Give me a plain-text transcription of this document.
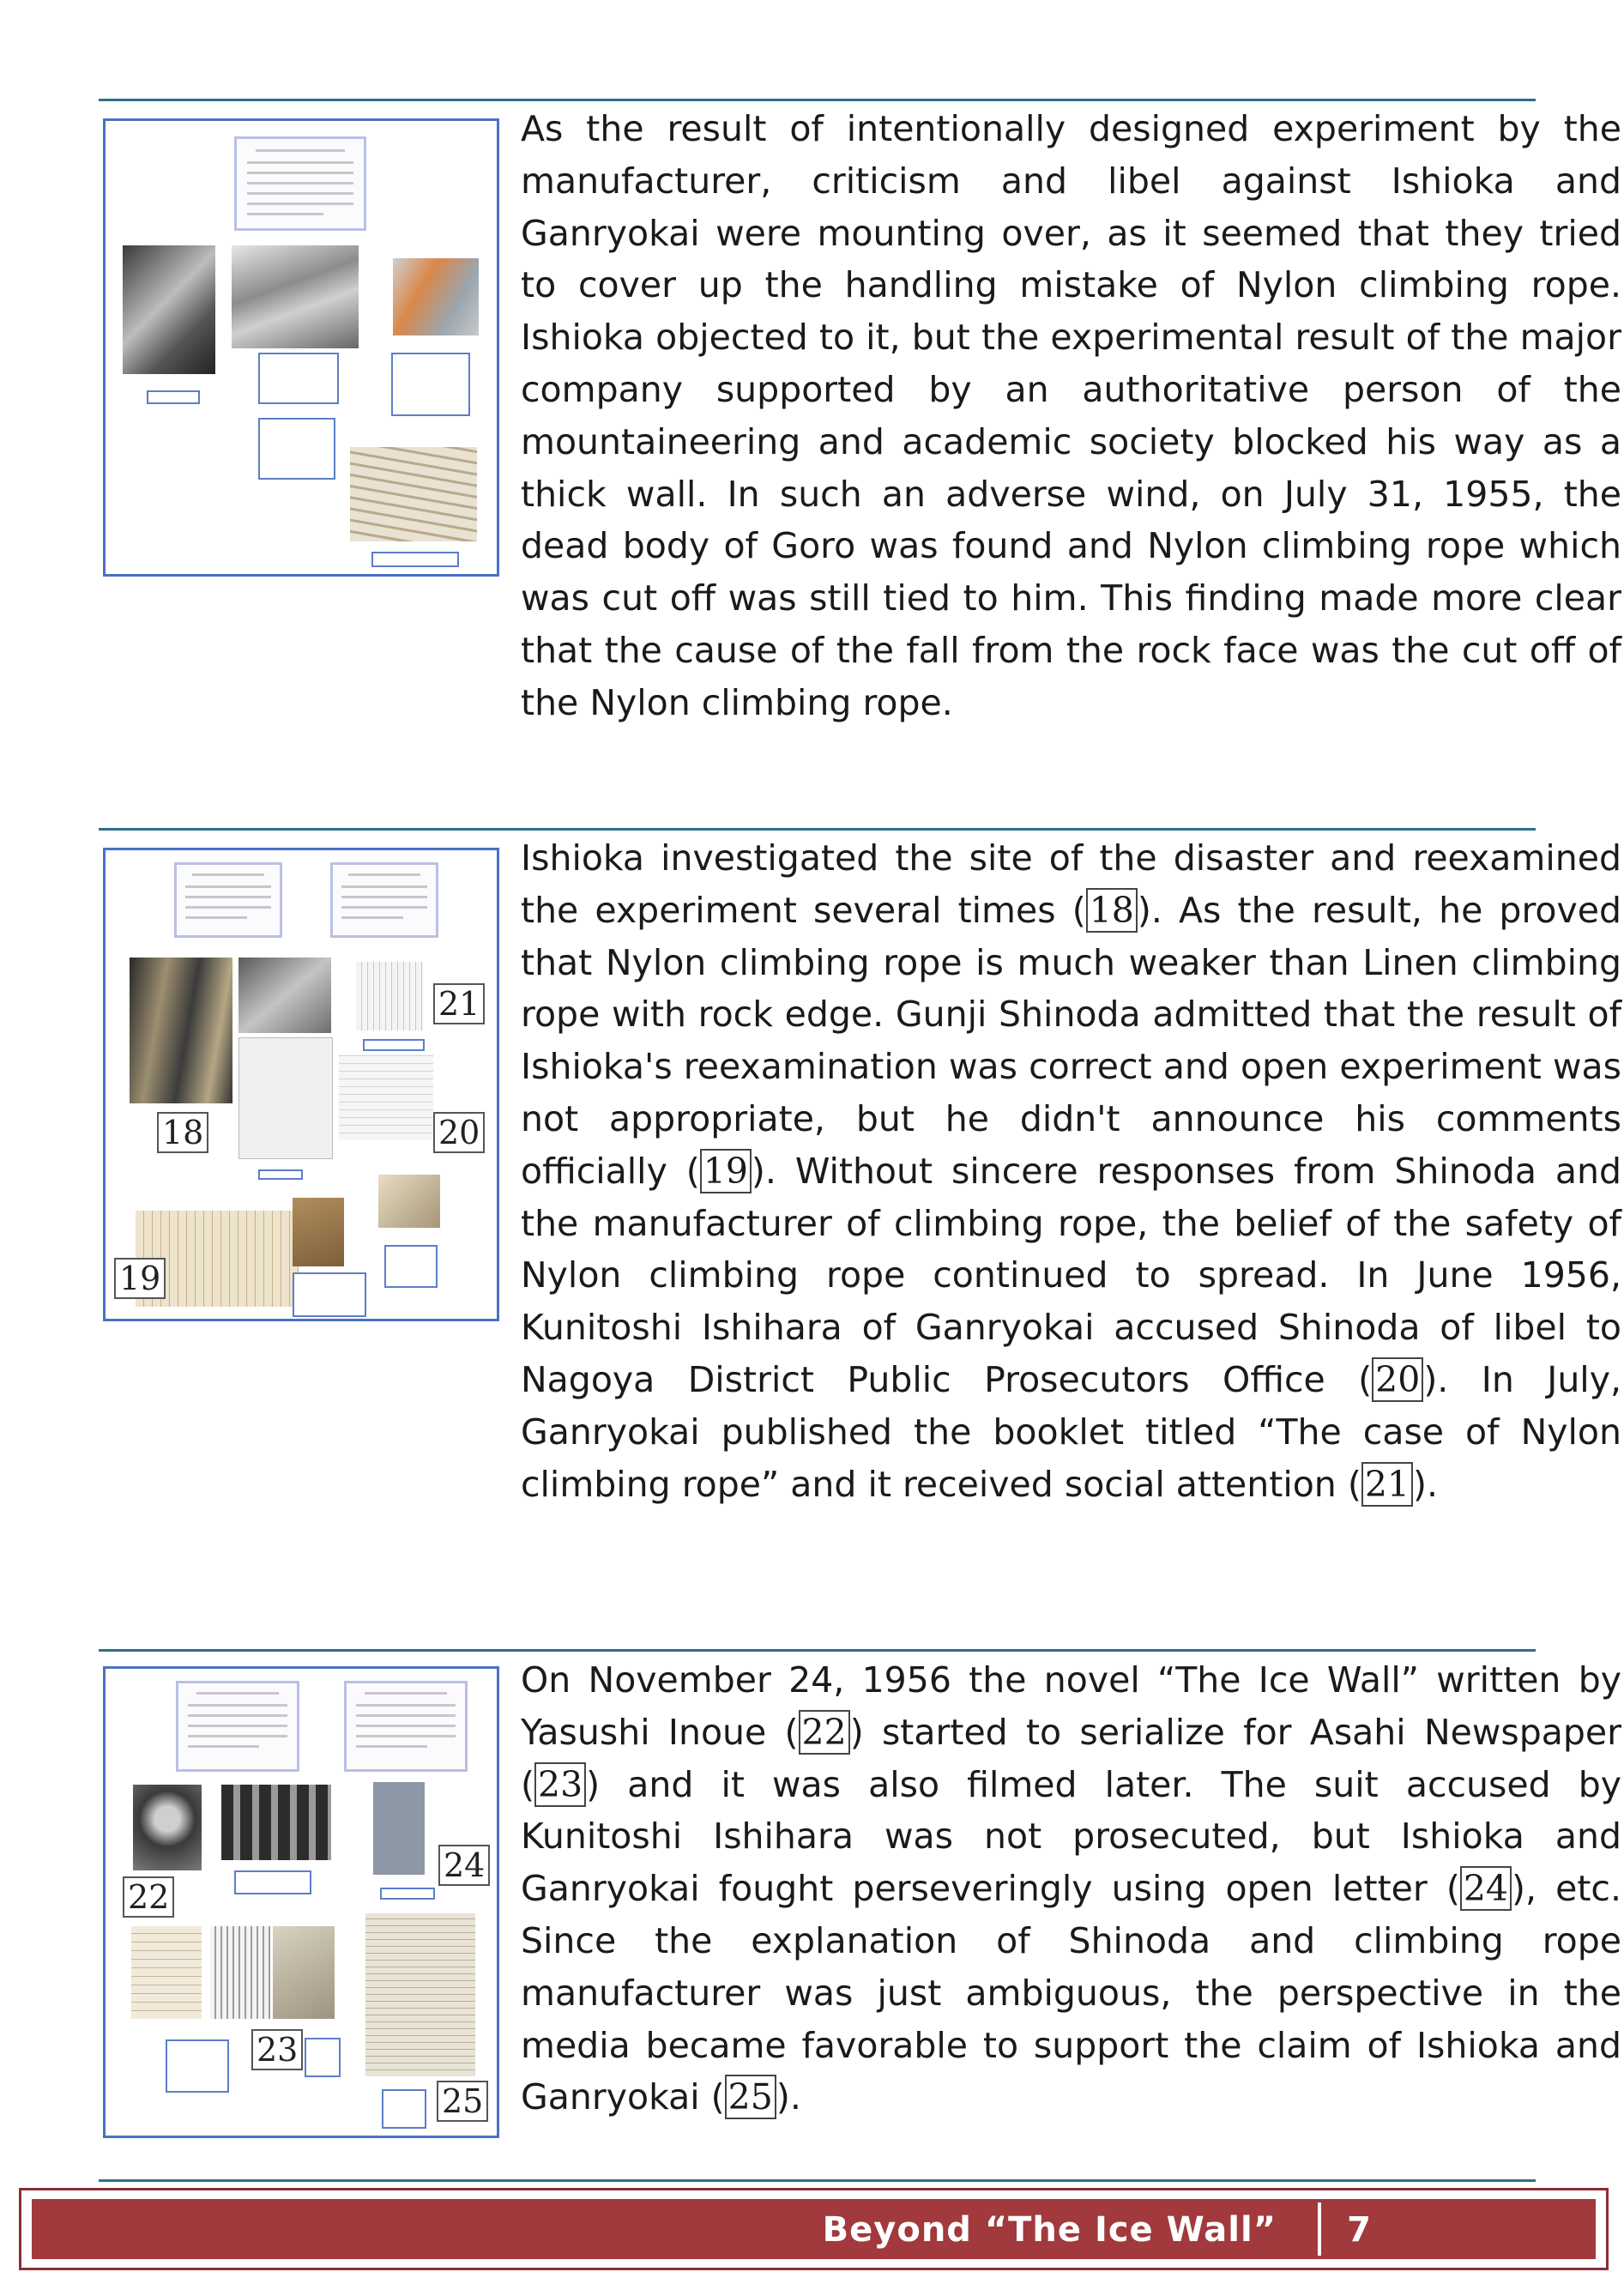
As the result of intentionally designed experiment by the manufacturer, criticism and libel against Ishioka and Ganryokai were mounting over, as it seemed that they tried to cover up the handling mistake of Nylon climbing rope. Ishioka objected to it, but the experimental result of the major company supported by an authoritative person of the mountaineering and academic society blocked his way as a thick wall. In such an adverse wind, on July 31, 1955, the dead body of Goro was found and Nylon climbing rope which was cut off was still tied to him. This finding made more clear that the cause of the fall from the rock face was the cut off of the Nylon climbing rope.

21
18	20
19

Ishioka investigated the site of the disaster and reexamined the experiment several times (18). As the result, he proved that Nylon climbing rope is much weaker than Linen climbing rope with rock edge. Gunji Shinoda admitted that the result of Ishioka's reexamination was correct and open experiment was not appropriate, but he didn't announce his comments officially (19). Without sincere responses from Shinoda and the manufacturer of climbing rope, the belief of the safety of Nylon climbing rope continued to spread. In June 1956, Kunitoshi Ishihara of Ganryokai accused Shinoda of libel to Nagoya District Public Prosecutors Office (20). In July, Ganryokai published the booklet titled “The case of Nylon climbing rope” and it received social attention (21).

24
22
23
25

On November 24, 1956 the novel “The Ice Wall” written by Yasushi Inoue (22) started to serialize for Asahi Newspaper (23) and it was also filmed later. The suit accused by Kunitoshi Ishihara was not prosecuted, but Ishioka and Ganryokai fought perseveringly using open letter (24), etc. Since the explanation of Shinoda and climbing rope manufacturer was just ambiguous, the perspective in the media became favorable to support the claim of Ishioka and Ganryokai (25).

Beyond “The Ice Wall” 7
